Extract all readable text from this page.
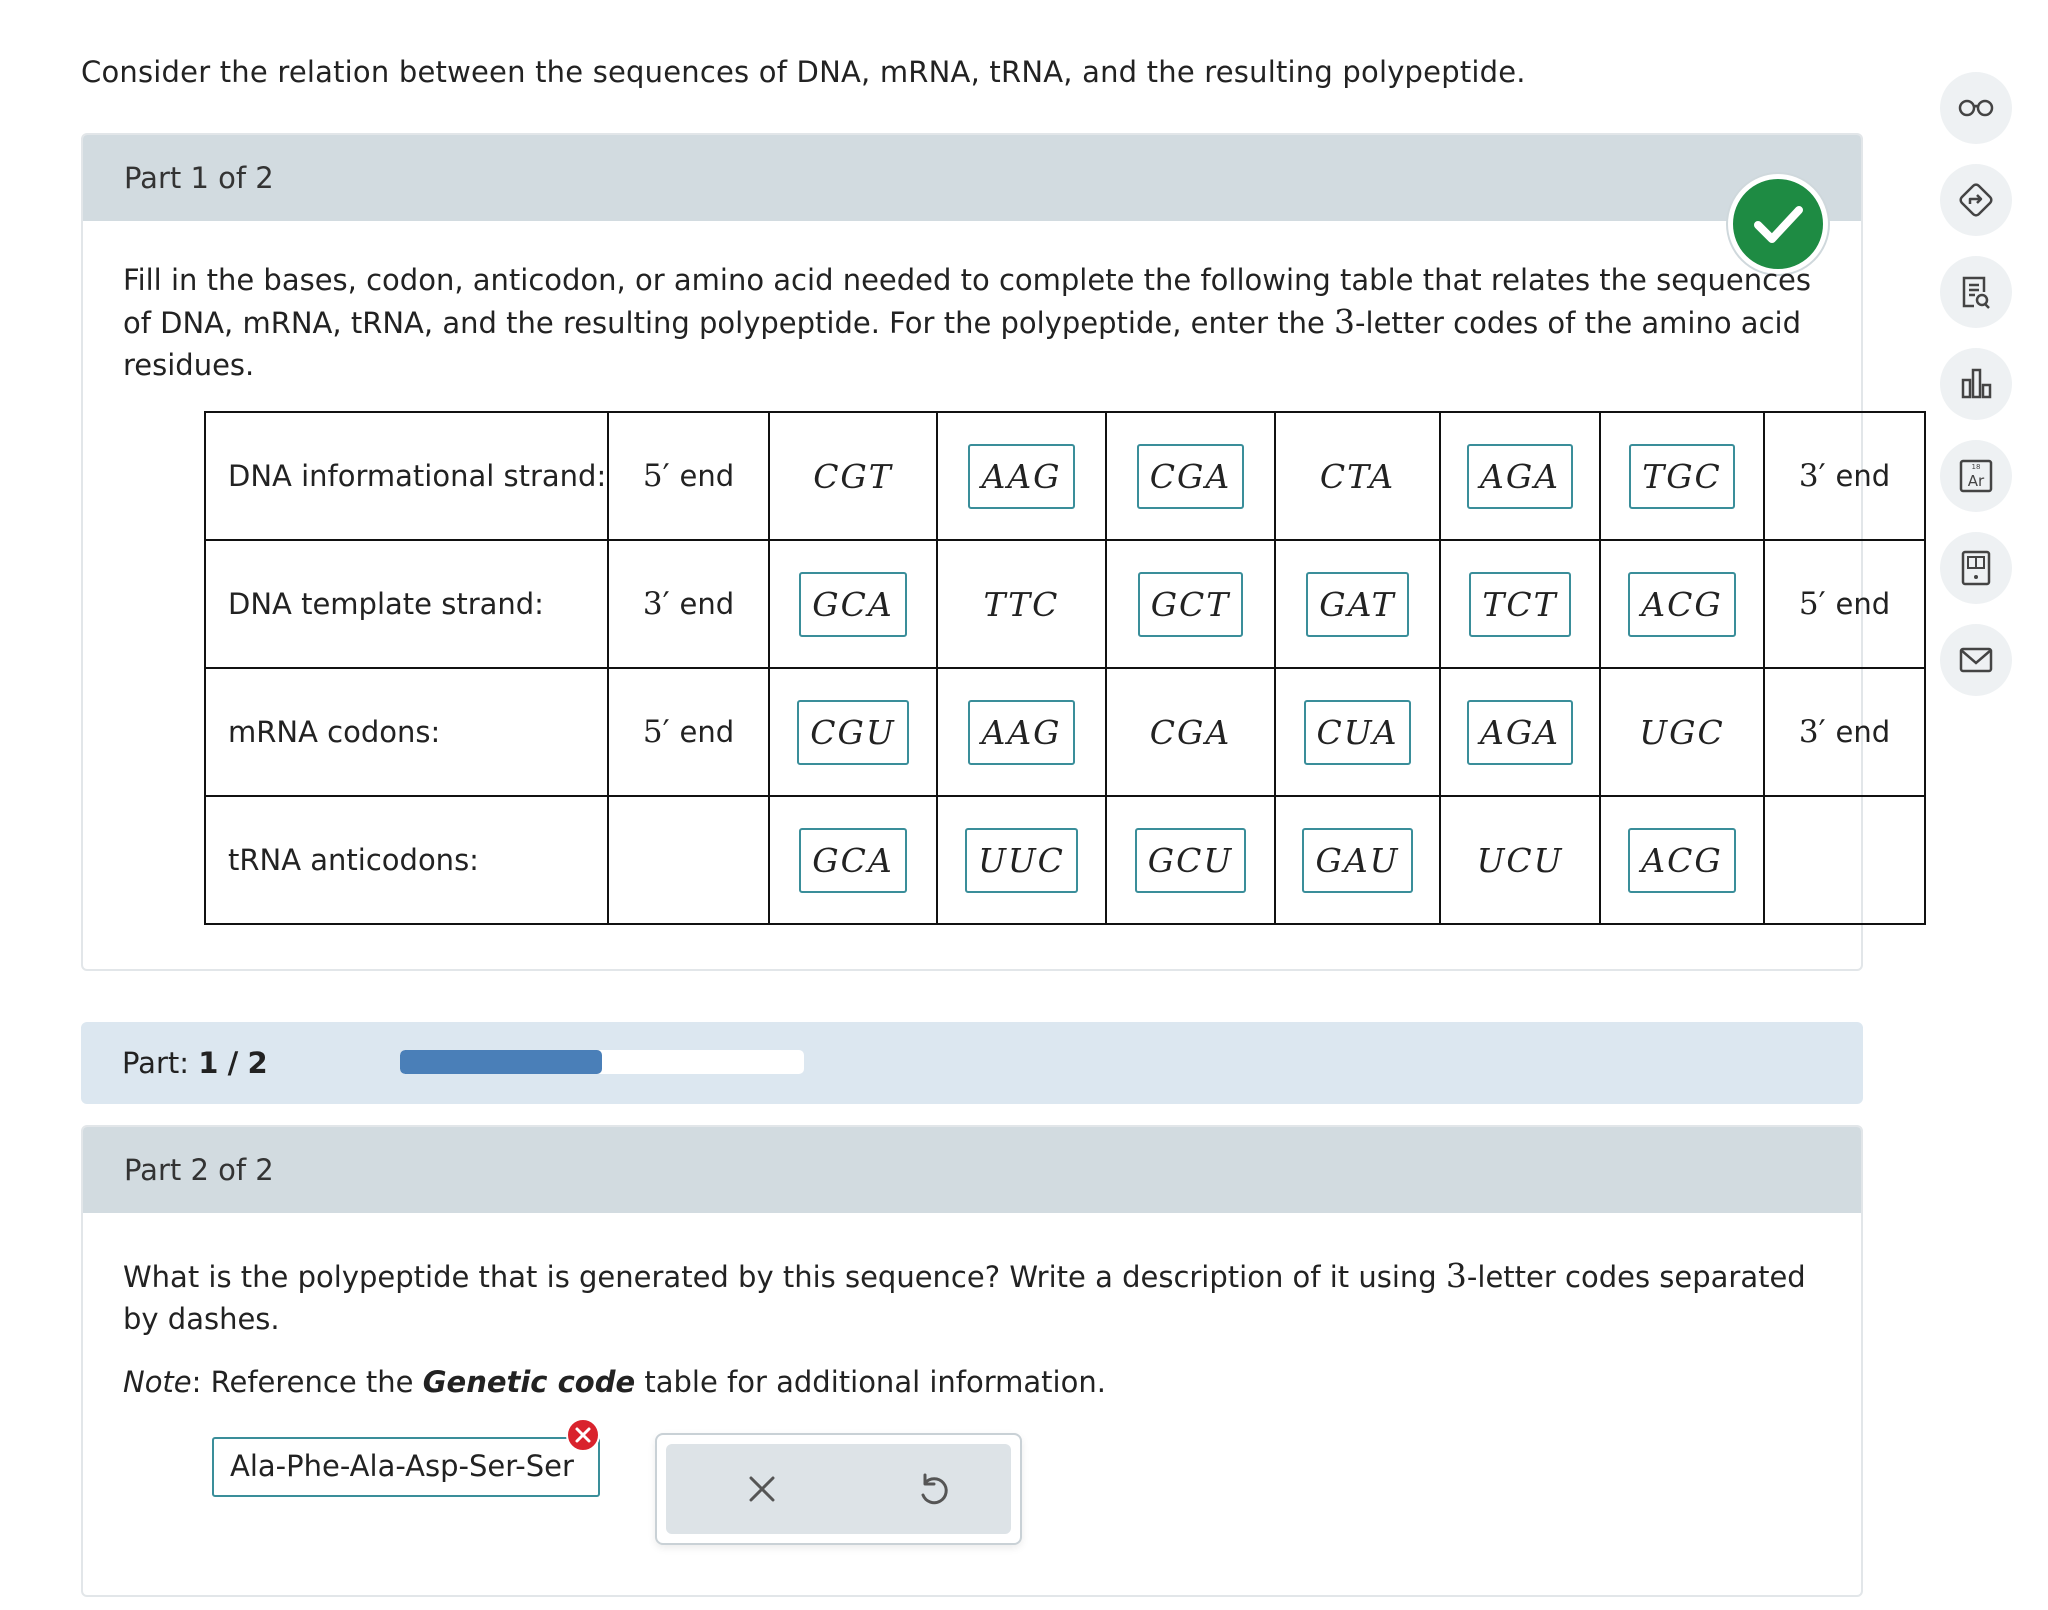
Consider the relation between the sequences of DNA, mRNA, tRNA, and the resulting polypeptide.
Part 1 of 2
Fill in the bases, codon, anticodon, or amino acid needed to complete the following table that relates the sequences of DNA, mRNA, tRNA, and the resulting polypeptide. For the polypeptide, enter the 3-letter codes of the amino acid residues.
DNA informational strand:	5′ end	CGT	AAG	CGA	CTA	AGA	TGC	3′ end
DNA template strand:	3′ end	GCA	TTC	GCT	GAT	TCT	ACG	5′ end
mRNA codons:	5′ end	CGU	AAG	CGA	CUA	AGA	UGC	3′ end
tRNA anticodons:		GCA	UUC	GCU	GAU	UCU	ACG	
Part: 1 / 2
Part 2 of 2
What is the polypeptide that is generated by this sequence? Write a description of it using 3-letter codes separated by dashes.
Note: Reference the Genetic code table for additional information.
Ala-Phe-Ala-Asp-Ser-Ser
18
Ar
